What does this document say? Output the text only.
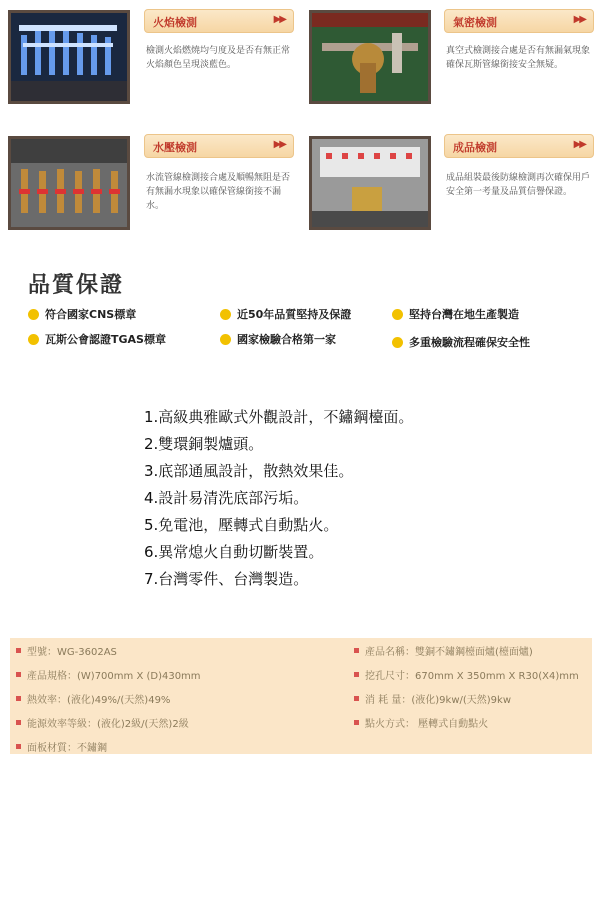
火焰檢測	▶▶
檢測火焰燃燒均勻度及是否有無正常火焰顏色呈現淡藍色。
氣密檢測	▶▶
真空式檢測接合處是否有無漏氣現象確保瓦斯管線銜接安全無疑。
水壓檢測	▶▶
水流管線檢測接合處及順暢無阻是否有無漏水現象以確保管線銜接不漏水。
成品檢測	▶▶
成品組裝最後防線檢測再次確保用戶安全第一考量及品質信譽保證。
品質保證
符合國家CNS標章	近50年品質堅持及保證	堅持台灣在地生產製造
瓦斯公會認證TGAS標章	國家檢驗合格第一家	多重檢驗流程確保安全性
1.高級典雅歐式外觀設計，不鏽鋼檯面。
2.雙環銅製爐頭。
3.底部通風設計，散熱效果佳。
4.設計易清洗底部污垢。
5.免電池，壓轉式自動點火。
6.異常熄火自動切斷裝置。
7.台灣零件、台灣製造。
型號：WG-3602AS	產品名稱：雙銅不鏽鋼檯面爐(檯面爐)
產品規格：(W)700mm X (D)430mm	挖孔尺寸：670mm X 350mm X R30(X4)mm
熱效率：(液化)49%/(天然)49%	消 耗 量：(液化)9kw/(天然)9kw
能源效率等級：(液化)2級/(天然)2級	點火方式： 壓轉式自動點火
面板材質：不鏽鋼
